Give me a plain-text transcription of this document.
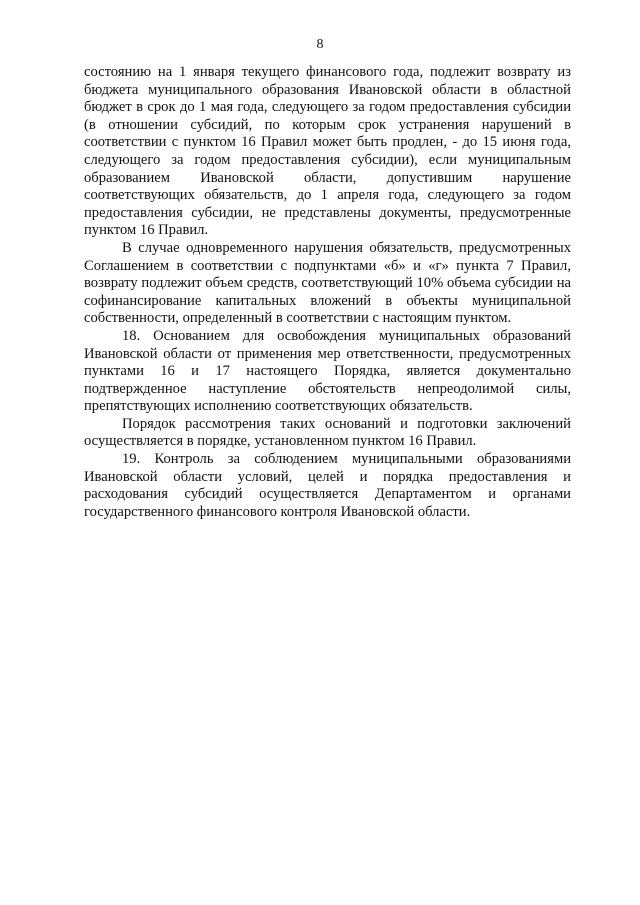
8

состоянию на 1 января текущего финансового года, подлежит возврату из бюджета муниципального образования Ивановской области в областной бюджет в срок до 1 мая года, следующего за годом предоставления субсидии (в отношении субсидий, по которым срок устранения нарушений в соответствии с пунктом 16 Правил может быть продлен, - до 15 июня года, следующего за годом предоставления субсидии), если муниципальным образованием Ивановской области, допустившим нарушение соответствующих обязательств, до 1 апреля года, следующего за годом предоставления субсидии, не представлены документы, предусмотренные пунктом 16 Правил.

В случае одновременного нарушения обязательств, предусмотренных Соглашением в соответствии с подпунктами «б» и «г» пункта 7 Правил, возврату подлежит объем средств, соответствующий 10% объема субсидии на софинансирование капитальных вложений в объекты муниципальной собственности, определенный в соответствии с настоящим пунктом.

18. Основанием для освобождения муниципальных образований Ивановской области от применения мер ответственности, предусмотренных пунктами 16 и 17 настоящего Порядка, является документально подтвержденное наступление обстоятельств непреодолимой силы, препятствующих исполнению соответствующих обязательств.

Порядок рассмотрения таких оснований и подготовки заключений осуществляется в порядке, установленном пунктом 16 Правил.

19. Контроль за соблюдением муниципальными образованиями Ивановской области условий, целей и порядка предоставления и расходования субсидий осуществляется Департаментом и органами государственного финансового контроля Ивановской области.
